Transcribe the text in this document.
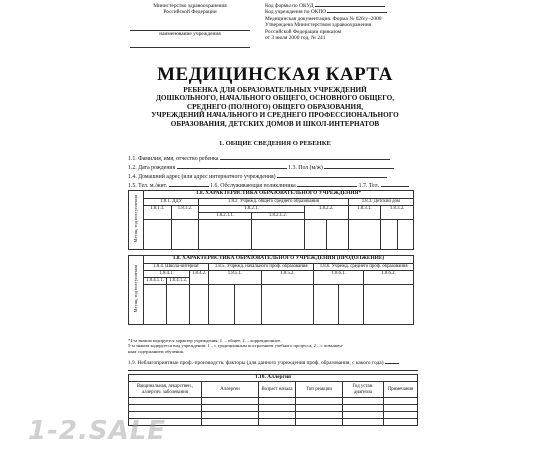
Министерство здравоохранения
Российской Федерации
наименование учреждения
Код формы по ОКУД
Код учреждения по ОКПО
Медицинская документация. Форма № 026/у–2000
Утверждена Министерством здравоохранения
Российской Федерации приказом
от 3 июля 2000 год, № 241
МЕДИЦИНСКАЯ КАРТА
РЕБЕНКА ДЛЯ ОБРАЗОВАТЕЛЬНЫХ УЧРЕЖДЕНИЙ
ДОШКОЛЬНОГО, НАЧАЛЬНОГО ОБЩЕГО, ОСНОВНОГО ОБЩЕГО,
СРЕДНЕГО (ПОЛНОГО) ОБЩЕГО ОБРАЗОВАНИЯ,
УЧРЕЖДЕНИЙ НАЧАЛЬНОГО И СРЕДНЕГО ПРОФЕССИОНАЛЬНОГО
ОБРАЗОВАНИЯ, ДЕТСКИХ ДОМОВ И ШКОЛ-ИНТЕРНАТОВ
1. ОБЩИЕ СВЕДЕНИЯ О РЕБЕНКЕ
1.1. Фамилия, имя, отчество ребенка
1.2. Дата рождения	1.3. Пол (м/ж)
1.4. Домашний адрес (или адрес интернатного учреждения)
1.5. Тел. м./жит.	1.6. Обслуживающая поликлиника	1.7. Тел.
Месяц, год поступления	1.8. ХАРАКТЕРИСТИКА ОБРАЗОВАТЕЛЬНОГО УЧРЕЖДЕНИЯ*								
	1.8.1. ДДУ		1.8.2. Учрежд. общего среднего образования				1.8.3. Детский дом		
	1.8.1.1.	1.8.1.2.	1.8.2.1.		1.8.2.2.		1.8.3.1.	1.8.3.2.	
			1.8.2.1.1.	1.8.2.1.2.					

Месяц, год поступления	1.8. ХАРАКТЕРИСТИКА ОБРАЗОВАТЕЛЬНОГО УЧРЕЖДЕНИЯ (ПРОДОЛЖЕНИЕ)								
	1.8.4. Школа-интернат			1.8.5. Учрежд. начального проф. образования			1.8.6. Учрежд. среднего проф. образования		
	1.8.4.1.		1.8.4.2.	1.8.5.1.		1.8.5.2.	1.8.6.1.		1.8.6.2.
	1.8.4.1.1.	1.8.4.1.2.							

*4-м знаком кодируется характер учреждения: 1. – общее, 2. – коррекционное.
5-м знаком кодируется вид учреждения: 1 – с традиционным построением учебного процесса, 2 – с повышен-
ным содержанием обучения.
1.9. Неблагоприятные проф.-производств. факторы (для данного учреждения проф. образования, с какого года)
1.10. Аллергия					
Вакцинальная, лекарствен., аллергич. заболевания	Аллерген	Возраст начала	Тип реакции	Год устан. диагноза	Примечания

1-2.SALE
